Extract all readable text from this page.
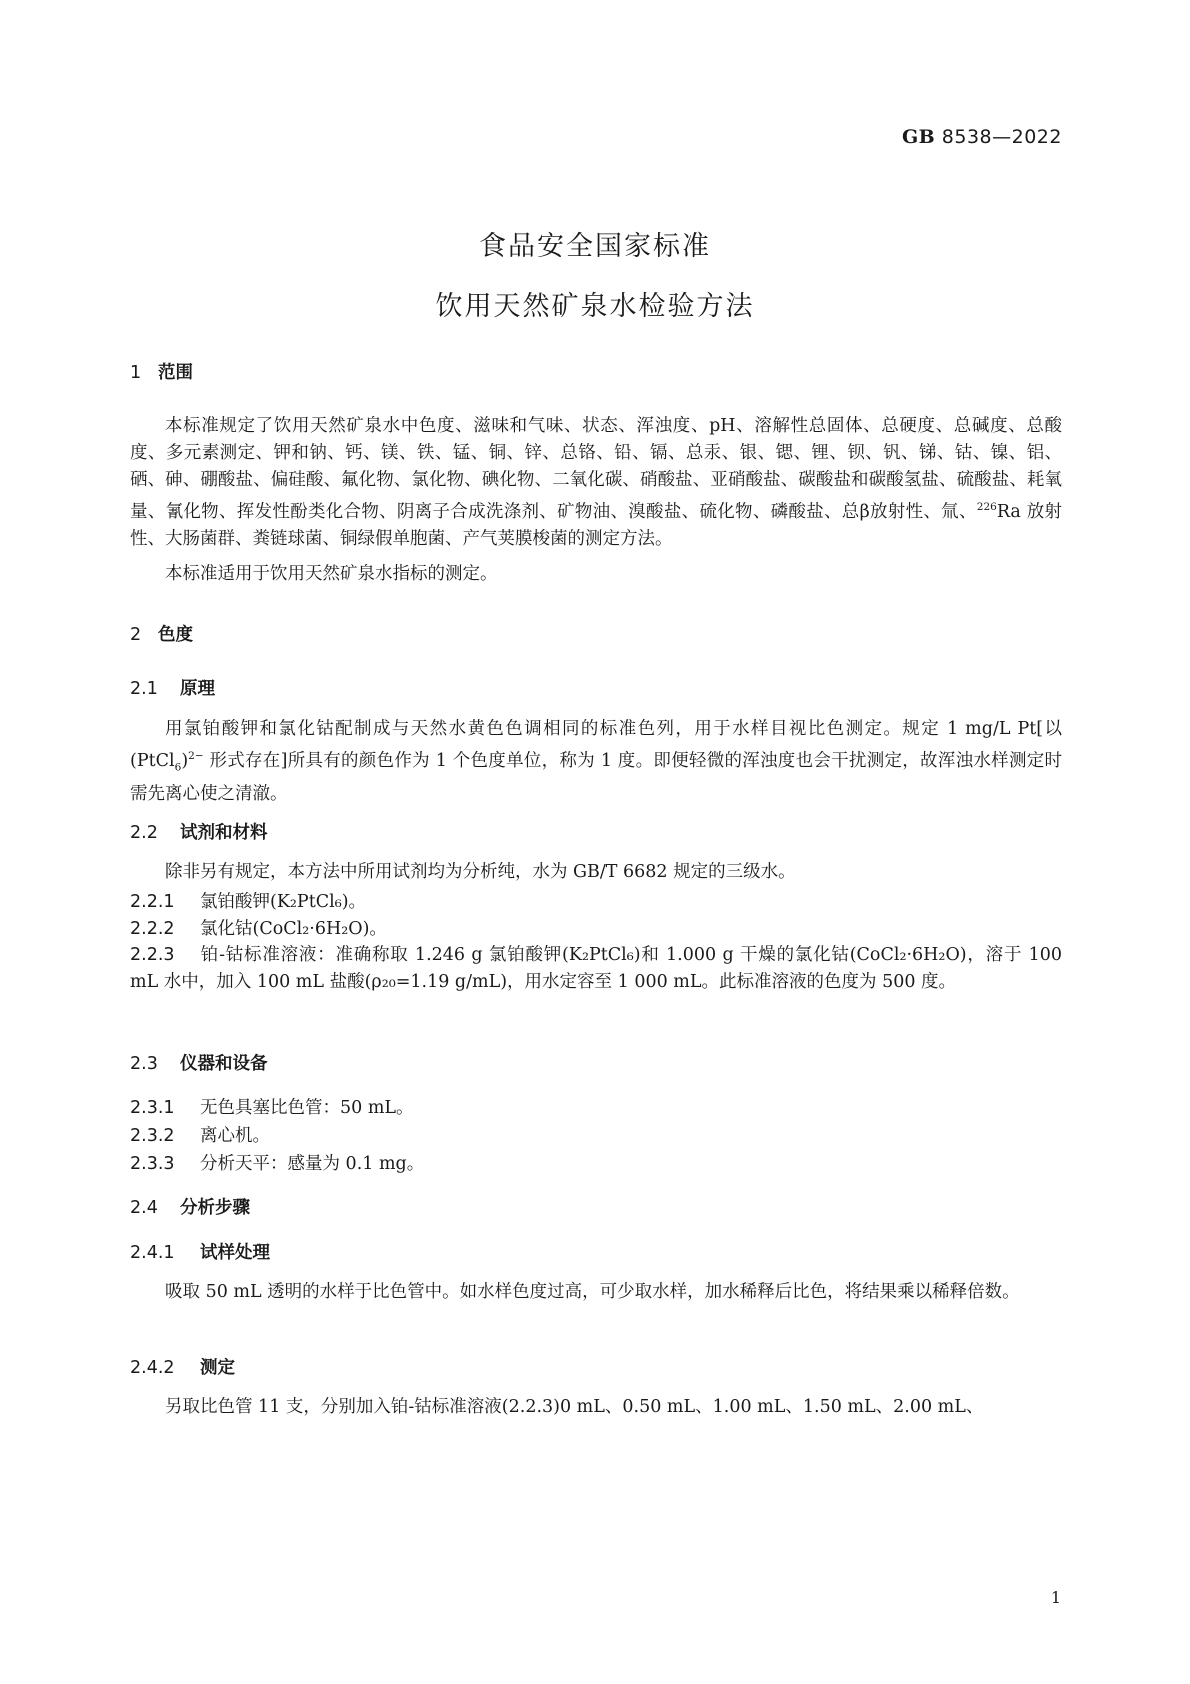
GB 8538—2022
食品安全国家标准
饮用天然矿泉水检验方法
1 范围

本标准规定了饮用天然矿泉水中色度、滋味和气味、状态、浑浊度、pH、溶解性总固体、总硬度、总碱度、总酸度、多元素测定、钾和钠、钙、镁、铁、锰、铜、锌、总铬、铅、镉、总汞、银、锶、锂、钡、钒、锑、钴、镍、铝、硒、砷、硼酸盐、偏硅酸、氟化物、氯化物、碘化物、二氧化碳、硝酸盐、亚硝酸盐、碳酸盐和碳酸氢盐、硫酸盐、耗氧量、氰化物、挥发性酚类化合物、阴离子合成洗涤剂、矿物油、溴酸盐、硫化物、磷酸盐、总β放射性、氚、$^{226}$Ra 放射性、大肠菌群、粪链球菌、铜绿假单胞菌、产气荚膜梭菌的测定方法。

本标准适用于饮用天然矿泉水指标的测定。

2 色度
2.1 原理

用氯铂酸钾和氯化钴配制成与天然水黄色色调相同的标准色列，用于水样目视比色测定。规定 1 mg/L Pt[以(PtCl$_6$)$^{2-}$ 形式存在]所具有的颜色作为 1 个色度单位，称为 1 度。即便轻微的浑浊度也会干扰测定，故浑浊水样测定时需先离心使之清澈。

2.2 试剂和材料

除非另有规定，本方法中所用试剂均为分析纯，水为 GB/T 6682 规定的三级水。

2.2.1 氯铂酸钾(K₂PtCl₆)。
2.2.2 氯化钴(CoCl₂·6H₂O)。

2.2.3 铂-钴标准溶液：准确称取 1.246 g 氯铂酸钾(K₂PtCl₆)和 1.000 g 干燥的氯化钴(CoCl₂·6H₂O)，溶于 100 mL 水中，加入 100 mL 盐酸(ρ₂₀=1.19 g/mL)，用水定容至 1 000 mL。此标准溶液的色度为 500 度。

2.3 仪器和设备
2.3.1 无色具塞比色管：50 mL。
2.3.2 离心机。
2.3.3 分析天平：感量为 0.1 mg。
2.4 分析步骤
2.4.1 试样处理

吸取 50 mL 透明的水样于比色管中。如水样色度过高，可少取水样，加水稀释后比色，将结果乘以稀释倍数。

2.4.2 测定

另取比色管 11 支，分别加入铂-钴标准溶液(2.2.3)0 mL、0.50 mL、1.00 mL、1.50 mL、2.00 mL、

1
